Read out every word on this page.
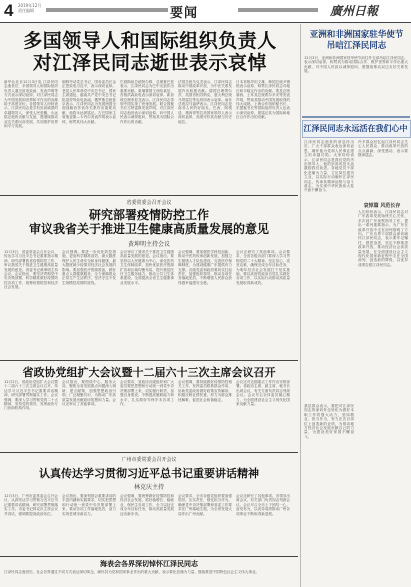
4 2019年12月
责任编辑	要闻	廣州日報
多国领导人和国际组织负责人
对江泽民同志逝世表示哀悼
新华社北京12月3日电 江泽民同志逝世后，多国领导人和国际组织负责人通过致电致函、发表声明等方式表示深切哀悼，对江泽民同志为中国发展和世界和平作出的贡献给予高度评价。各国领导人纷纷表示，江泽民同志是享有崇高威望的卓越领导人，深受人民爱戴，永远铭记他的贡献与友谊，愿继续推动双边关系向前发展，共同维护世界和平与发展。
朝鲜劳动党总书记、国务委员长金正恩致电习近平，表示深切哀悼。老挝人民革命党中央总书记、国家主席通伦，越南共产党中央总书记阮富仲等致电致函。俄罗斯总统普京表示，江泽民同志为发展两国全面战略协作伙伴关系作出重要贡献，他将永远被铭记。古巴国家主席迪亚斯—卡内尔发表声明表示哀悼，称赞其伟大贡献。
巴基斯坦总统阿尔维、总理夏巴兹表示，江泽民同志为巴中友谊作出重要贡献。柬埔寨国王西哈莫尼、首相洪森致电表示深切哀悼。新加坡总理李显龙表示，江泽民同志带领中国实现了快速发展。联合国秘书长古特雷斯发表声明，对江泽民同志逝世表示深切哀悼，向中国人民表示诚挚慰问，赞扬其为国际合作作出的贡献。
法国总统马克龙表示，江泽民同志推动中国改革开放，为中法关系发展作出积极贡献。德国总理朔尔茨、英国首相苏纳克、意大利总统马塔雷拉等也纷纷表示哀悼。南非总统拉马福萨表示，江泽民同志是南非人民的好朋友。巴西、阿根廷、墨西哥等拉美国家领导人表示深切哀悼，高度评价其贡献与历史地位。
日本首相岸田文雄、韩国总统尹锡悦表示哀悼，称赞江泽民同志对地区和平稳定作出的贡献。埃及总统塞西、土耳其总统埃尔多安等发表声明，赞扬其推动中国发展取得的伟大成就。上海合作组织秘书长、东盟秘书长等国际组织负责人也表示深切哀悼，愿铭记其为国际和地区合作作出的贡献。
省委常委会召开会议
研究部署疫情防控工作
审议我省关于推进卫生健康高质量发展的意见
黄坤明主持会议
12月3日，省委常委会召开会议，传达学习习近平总书记重要指示精神，研究部署我省疫情防控工作，审议我省关于推进卫生健康高质量发展的意见。省委书记黄坤明主持会议。会议指出，要坚决贯彻党中央决策部署，科学精准做好疫情防控各项工作，统筹疫情防控和经济社会发展。
会议强调，要进一步优化防控措施，更加科学精准高效，最大限度保护人民生命安全和身体健康，最大限度减少疫情对经济社会发展的影响。要加强医疗资源准备，做好重点人群健康服务，全力保障群众正常生产生活秩序，坚决守住不发生规模性疫情的底线。
会议审议了我省关于推进卫生健康高质量发展的意见。会议指出，要坚持以人民健康为中心，深化医药卫生体制改革，加快优质医疗资源扩容和区域均衡布局，提升基层医疗卫生服务能力，推动公共卫生体系建设，全面提高全省卫生健康事业发展水平。
会议强调，要加强医学科技创新，推动中医药传承创新发展，加强卫生健康人才队伍建设，完善医疗保障制度，为建设健康广东提供有力支撑。各级党委和政府要切实扛起责任，加强组织领导，推动各项任务落地见效，不断增强人民群众获得感幸福感安全感。
会议还研究了其他事项。会议要求，全省各级各部门要深入学习贯彻党的二十大精神，坚定信心、攻坚克难，确保完成全年目标任务，为明年经济社会发展打下坚实基础。要以高度的政治自觉扎实做好各项工作，以实际行动推动高质量发展取得新成效。
省政协党组扩大会议暨十二届六十三次主席会议召开
12月2日，省政协党组扩大会议暨十二届六十三次主席会议召开，传达学习习近平总书记重要讲话精神，研究部署贯彻落实工作。会议强调，要深入学习贯彻党的二十大精神，坚持党的领导，发挥政协专门协商机构作用。
会议指出，要围绕中心、服务大局，聚焦全省发展重点问题深入调研、建言献策，加强思想政治引领，广泛凝聚共识，为推动广东高质量发展贡献政协智慧和力量。会议还审议了其他事项。
会议要求，省政协各级组织和广大委员要把思想和行动统一到党中央决策部署上来，切实履行职责，加强自身建设，不断提高履职能力和水平，扎实做好年终岁末各项工作。
会议强调，要持续做好疫情防控相关工作，发挥委员联系群众作用，协助党委政府做好政策宣传解读，积极反映社情民意，努力为群众排忧解难，促进社会和谐稳定。
会议还对近期重点工作作出安排部署。省政协主席、副主席、秘书长出席会议，有关方面负责同志列席会议。会议号召全体委员凝心聚力，为全面建设社会主义现代化国家贡献力量。
广州市委常委会召开会议
认真传达学习贯彻习近平总书记重要讲话精神
林克庆主持
12月3日，广州市委常委会召开会议，认真传达学习贯彻习近平总书记重要讲话精神，研究部署贯彻落实工作。市委书记林克庆主持会议并讲话，强调要提高政治站位。
会议指出，要深刻领会重要讲话的丰富内涵和实践要求，切实把思想和行动统一到党中央决策部署上来，推动各项工作落地见效，奋力实现老城市新活力。
会议强调，要统筹做好疫情防控和经济社会发展，抓好稳增长、稳就业、保民生各项工作，全力以赴完成全年目标任务，推动高质量发展迈出新步伐。
会议要求，全市各级党组织要加强领导，压实责任，强化担当作为，确保党中央决策部署和省委工作要求在广州落地生根，为全省发展大局作出广州贡献。
会议还研究了其他事项。市领导出席会议，有关部门负责同志列席会议。会议号召全市上下团结一心，奋发有为，以优异成绩推动广州各项事业不断取得新进展。
海表会各界深切悼怀江泽民同志
江泽民同志逝世后，社会各界通过不同方式表达深切悼念，缅怀其为党和国家事业作出的重大贡献，表示要化悲痛为力量，继续推进中国特色社会主义伟大事业。
亚洲和非洲国家驻华使节
吊唁江泽民同志
12月3日，亚洲和非洲国家驻华使节前往外交部吊唁江泽民同志，表示深切哀悼，称赞其为推动国际合作、维护世界和平作出重大贡献，对中国人民致以诚挚慰问，愿继续推动双边友好关系发展。
江泽民同志永远活在我们心中
江泽民同志逝世的消息传出后，广大干部群众表达深切哀思，缅怀他为党和人民事业建立的卓越功勋。大家纷纷表示，江泽民同志是我们党的杰出领导人，他的崇高风范永远激励我们前进。各地党员干部化悲痛为力量，立足岗位建功立业，以实际行动缅怀江泽民同志，传承其精神品格与奋斗意志，为实现中华民族伟大复兴而不懈奋斗。
许多群众回忆起江泽民同志关心人民群众、推动改革开放的点点滴滴，深受感动，表示要继承遗志。
哀悼篇 风范长存
人们纷纷表示，江泽民同志对广东改革发展始终关心关怀，多次到广东视察指导工作，提出一系列重要指示，为广东在改革开放中走在前列指明了方向。广东各界干部群众深切缅怀江泽民同志，表示要牢记嘱托、感恩奋进，坚定不移推进改革开放，推动经济社会高质量发展，在全面建设社会主义现代化国家新征程中走在全国前列、创造新的辉煌，以优异成绩告慰江泽民同志。
基层群众表示，要把对江泽民同志的深切怀念转化为做好本职工作的强大动力，爱岗敬业、担当作为，努力在各自岗位上创造新的业绩，为推动地方经济社会发展贡献自己的力量，为建设美好家园不懈奋斗。
